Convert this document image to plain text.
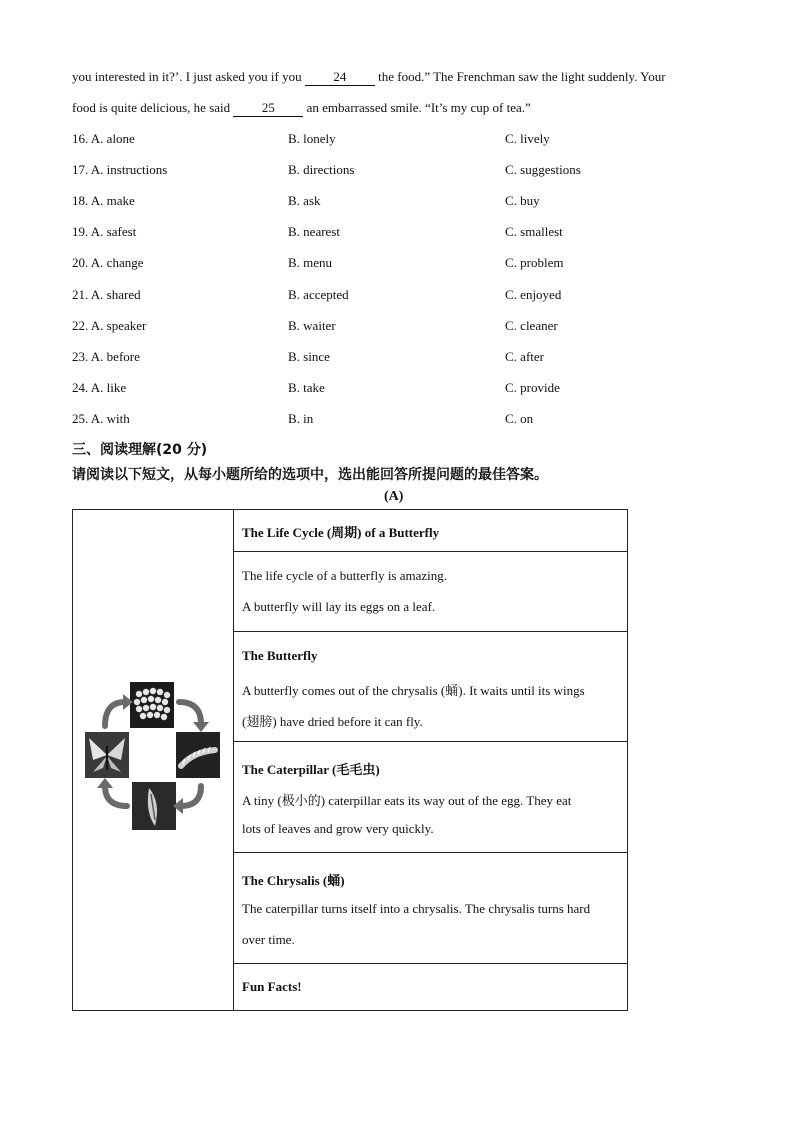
you interested in it?’. I just asked you if you 24 the food.” The Frenchman saw the light suddenly. Your
food is quite delicious, he said 25 an embarrassed smile. “It’s my cup of tea.”
16. A. alone	B. lonely	C. lively
17. A. instructions	B. directions	C. suggestions
18. A. make	B. ask	C. buy
19. A. safest	B. nearest	C. smallest
20. A. change	B. menu	C. problem
21. A. shared	B. accepted	C. enjoyed
22. A. speaker	B. waiter	C. cleaner
23. A. before	B. since	C. after
24. A. like	B. take	C. provide
25. A. with	B. in	C. on
三、阅读理解(20 分)
请阅读以下短文，从每小题所给的选项中，选出能回答所提问题的最佳答案。
(A)
The Life Cycle (周期) of a Butterfly
The life cycle of a butterfly is amazing.
A butterfly will lay its eggs on a leaf.
The Butterfly
A butterfly comes out of the chrysalis (蛹). It waits until its wings
(翅膀) have dried before it can fly.
The Caterpillar (毛毛虫)
A tiny (极小的) caterpillar eats its way out of the egg. They eat
lots of leaves and grow very quickly.
The Chrysalis (蛹)
The caterpillar turns itself into a chrysalis. The chrysalis turns hard
over time.
Fun Facts!
